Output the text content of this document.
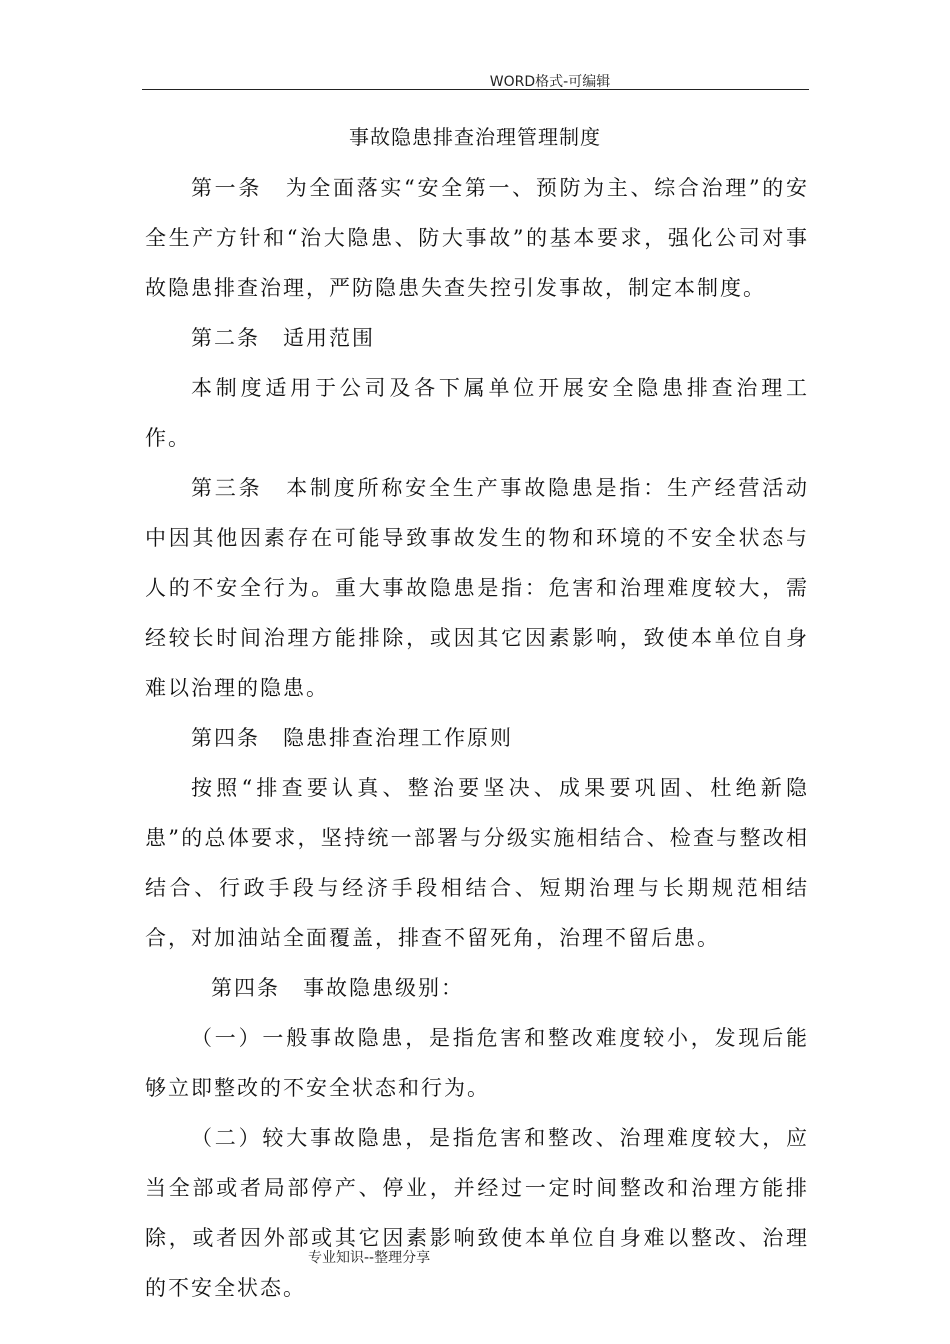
WORD格式-可编辑
事故隐患排查治理管理制度

第一条　为全面落实“安全第一、预防为主、综合治理”的安全生产方针和“治大隐患、防大事故”的基本要求，强化公司对事故隐患排查治理，严防隐患失查失控引发事故，制定本制度。

第二条　适用范围

本制度适用于公司及各下属单位开展安全隐患排查治理工作。

第三条　本制度所称安全生产事故隐患是指：生产经营活动中因其他因素存在可能导致事故发生的物和环境的不安全状态与人的不安全行为。重大事故隐患是指：危害和治理难度较大，需经较长时间治理方能排除，或因其它因素影响，致使本单位自身难以治理的隐患。

第四条　隐患排查治理工作原则

按照“排查要认真、整治要坚决、成果要巩固、杜绝新隐患”的总体要求，坚持统一部署与分级实施相结合、检查与整改相结合、行政手段与经济手段相结合、短期治理与长期规范相结合，对加油站全面覆盖，排查不留死角，治理不留后患。

第四条　事故隐患级别：

（一）一般事故隐患，是指危害和整改难度较小，发现后能够立即整改的不安全状态和行为。

（二）较大事故隐患，是指危害和整改、治理难度较大，应当全部或者局部停产、停业，并经过一定时间整改和治理方能排除，或者因外部或其它因素影响致使本单位自身难以整改、治理的不安全状态。

专业知识--整理分享
